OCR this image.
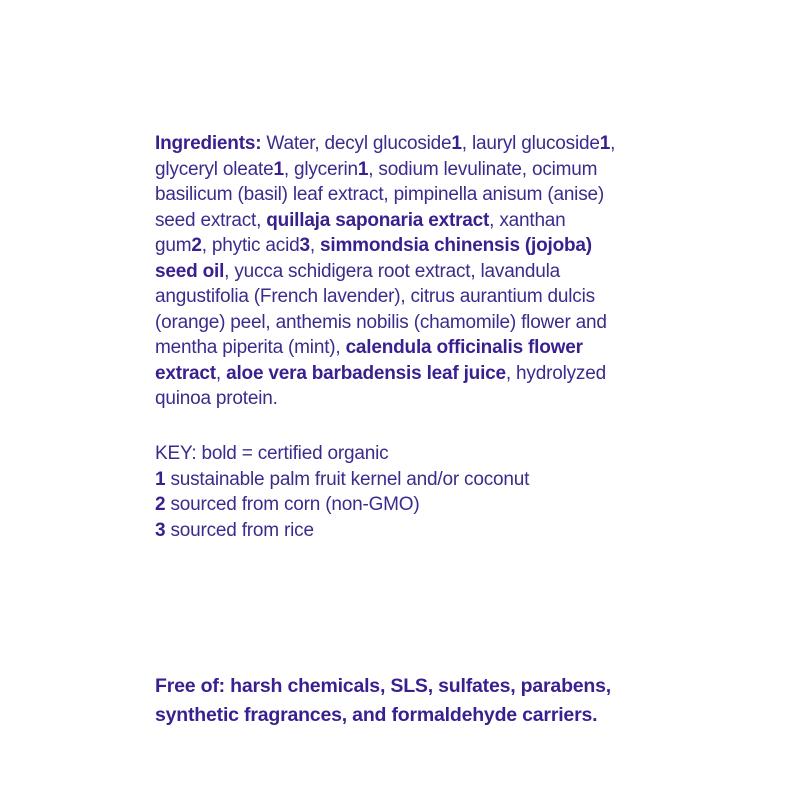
Ingredients: Water, decyl glucoside1, lauryl glucoside1,
glyceryl oleate1, glycerin1, sodium levulinate, ocimum
basilicum (basil) leaf extract, pimpinella anisum (anise)
seed extract, quillaja saponaria extract, xanthan
gum2, phytic acid3, simmondsia chinensis (jojoba)
seed oil, yucca schidigera root extract, lavandula
angustifolia (French lavender), citrus aurantium dulcis
(orange) peel, anthemis nobilis (chamomile) flower and
mentha piperita (mint), calendula officinalis flower
extract, aloe vera barbadensis leaf juice, hydrolyzed
quinoa protein.
KEY: bold = certified organic
1 sustainable palm fruit kernel and/or coconut
2 sourced from corn (non-GMO)
3 sourced from rice
Free of: harsh chemicals, SLS, sulfates, parabens,
synthetic fragrances, and formaldehyde carriers.
